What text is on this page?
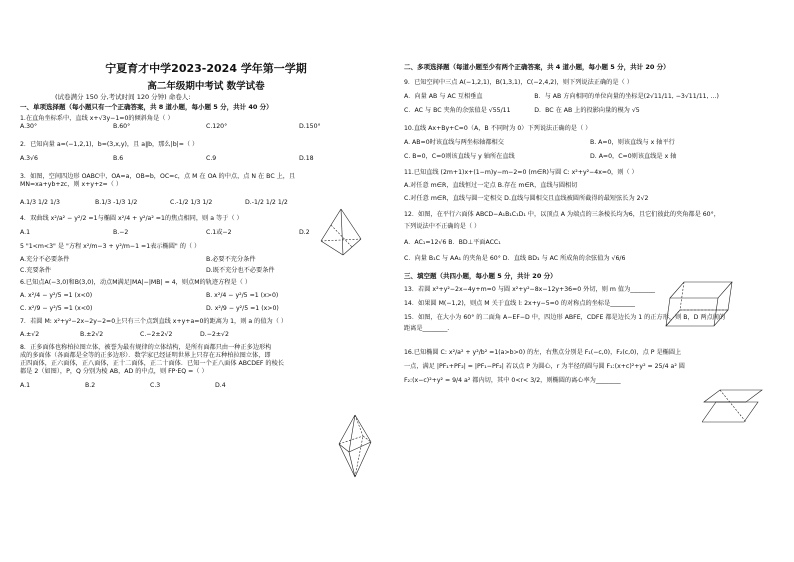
宁夏育才中学2023-2024 学年第一学期
高二年级期中考试 数学试卷
(试卷满分 150 分,考试时间 120 分钟) 命卷人:
一、单项选择题（每小题只有一个正确答案，共 8 道小题，每小题 5 分，共计 40 分）
1.在直角坐标系中，直线 x+√3y−1=0的倾斜角是（ ）
A.30°	B.60°	C.120°	D.150°
2．已知向量 a=(−1,2,1)，b=(3,x,y)，且 a∥b，那么|b|=（ ）
A.3√6	B.6	C.9	D.18
3．如图，空间四边形 OABC中，OA=a，OB=b，OC=c，点 M 在 OA 的中点，点 N 在 BC 上，且
MN=xa+yb+zc，则 x+y+z=（ ）
A.1/3 1/2 1/3	B.1/3 -1/3 1/2	C.-1/2 1/3 1/2	D.-1/2 1/2 1/2
4．双曲线 x²/a² − y²/2 =1与椭圆 x²/4 + y²/a² =1的焦点相同，则 a 等于（ ）
A.1	B.−2	C.1或−2	D.2
5 "1<m<3" 是 "方程 x²/m−3 + y²/m−1 =1表示椭圆" 的（ ）
A.充分不必要条件	B.必要不充分条件
C.充要条件	D.既不充分也不必要条件
6.已知点A(−3,0)和B(3,0)，动点M满足|MA|−|MB| = 4，则点M的轨迹方程是（ ）
A. x²/4 − y²/5 =1 (x<0)	B. x²/4 − y²/5 =1 (x>0)
C. x²/9 − y²/5 =1 (x<0)	D. x²/9 − y²/5 =1 (x>0)
7．若圆 M: x²+y²−2x−2y−2=0上只有三个点到直线 x+y+a=0的距离为 1，则 a 的值为（ ）
A.±√2	B.±2√2	C.−2±2√2	D.−2±√2
8．正多面体也称柏拉图立体，被誉为最有规律的立体结构，是所有面都只由一种正多边形构
成的多面体（各面都是全等的正多边形）．数学家已经证明世界上只存在五种柏拉图立体，即
正四面体，正六面体，正八面体，正十二面体，正二十面体．已知一个正八面体 ABCDEF 的棱长
都是 2（如图），P，Q 分别为棱 AB，AD 的中点，则 FP·EQ =（ ）
A.1	B.2	C.3	D.4
二、多项选择题（每道小题至少有两个正确答案，共 4 道小题，每小题 5 分，共计 20 分）
9．已知空间中三点 A(−1,2,1)，B(1,3,1)，C(−2,4,2)，则下列说法正确的是（ ）
A．向量 AB 与 AC 互相垂直	B．与 AB 方向相同的单位向量的坐标是(2√11/11, −3√11/11, ...)
C．AC 与 BC 夹角的余弦值是 √55/11	D．BC 在 AB 上的投影向量的模为 √5
10.直线 Ax+By+C=0（A，B 不同时为 0）下列说法正确的是（ ）
A. AB=0时该直线与两坐标轴都相交	B. A=0，则该直线与 x 轴平行
C. B=0，C=0则该直线与 y 轴所在直线	D. A=0，C=0则该直线是 x 轴
11.已知直线 (2m+1)x+(1−m)y−m−2=0 (m∈R)与圆 C: x²+y²−4x=0，则（ ）
A.对任意 m∈R，直线恒过一定点 B.存在 m∈R，直线与圆相切
C.对任意 m∈R，直线与圆一定相交 D.直线与圆相交且直线被圆所截得的最短弦长为 2√2
12．如图，在平行六面体 ABCD−A₁B₁C₁D₁ 中，以顶点 A 为端点的三条棱长均为6，且它们彼此的夹角都是 60°，
下列说法中不正确的是（ ）
A．AC₁=12√6 B．BD⊥平面ACC₁
C．向量 B₁C 与 AA₁ 的夹角是 60° D．直线 BD₁ 与 AC 所成角的余弦值为 √6/6
三、填空题（共四小题，每小题 5 分，共计 20 分）
13．若圆 x²+y²−2x−4y+m=0 与圆 x²+y²−8x−12y+36=0 外切，则 m 值为________
14．如果圆 M(−1,2)，则点 M 关于直线 l: 2x+y−5=0 的对称点的坐标是________
15．如图，在大小为 60° 的二面角 A−EF−D 中，四边形 ABFE，CDFE 都是边长为 1 的正方形，则 B，D 两点间的
距离是________.
16.已知椭圆 C: x²/a² + y²/b² =1(a>b>0) 的左，右焦点分别是 F₁(−c,0)，F₂(c,0)，点 P 是椭圆上
一点，满足 |PF₁+PF₂| = |PF₁−PF₂| 若以点 P 为圆心，r 为半径的圆与圆 F₁:(x+c)²+y² = 25/4 a² 圆
F₂:(x−c)²+y² = 9/4 a² 都内切，其中 0<r< 3/2，则椭圆的离心率为________
